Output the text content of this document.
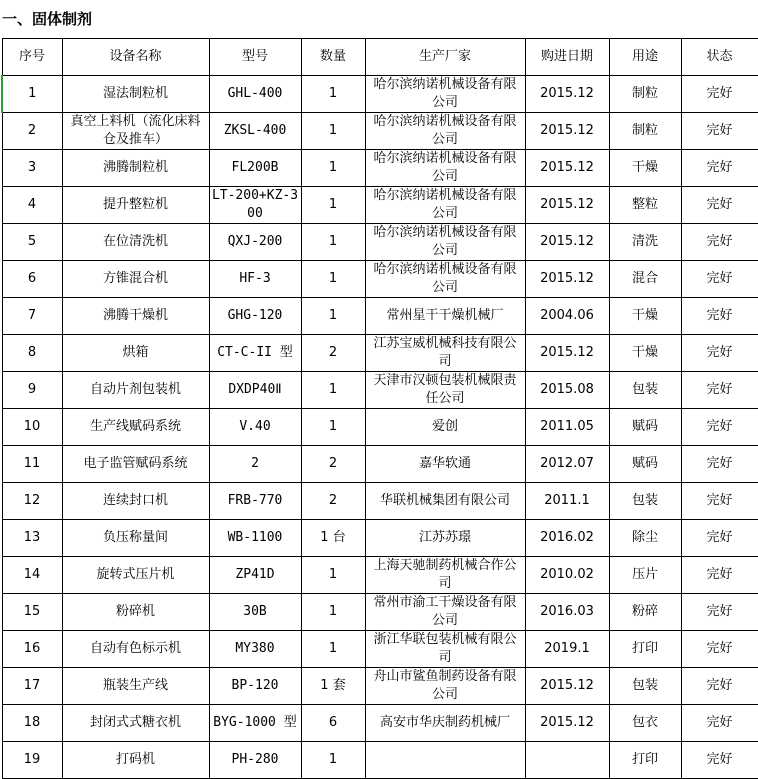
一、固体制剂
序号	设备名称	型号	数量	生产厂家	购进日期	用途	状态
1	湿法制粒机	GHL-400	1	哈尔滨纳诺机械设备有限公司	2015.12	制粒	完好
2	真空上料机（流化床料仓及推车）	ZKSL-400	1	哈尔滨纳诺机械设备有限公司	2015.12	制粒	完好
3	沸腾制粒机	FL200B	1	哈尔滨纳诺机械设备有限公司	2015.12	干燥	完好
4	提升整粒机	LT-200+KZ-300	1	哈尔滨纳诺机械设备有限公司	2015.12	整粒	完好
5	在位清洗机	QXJ-200	1	哈尔滨纳诺机械设备有限公司	2015.12	清洗	完好
6	方锥混合机	HF-3	1	哈尔滨纳诺机械设备有限公司	2015.12	混合	完好
7	沸腾干燥机	GHG-120	1	常州星干干燥机械厂	2004.06	干燥	完好
8	烘箱	CT-C-II 型	2	江苏宝威机械科技有限公司	2015.12	干燥	完好
9	自动片剂包装机	DXDP40Ⅱ	1	天津市汉顿包装机械限责任公司	2015.08	包装	完好
10	生产线赋码系统	V.40	1	爱创	2011.05	赋码	完好
11	电子监管赋码系统	2	2	嘉华软通	2012.07	赋码	完好
12	连续封口机	FRB-770	2	华联机械集团有限公司	2011.1	包装	完好
13	负压称量间	WB-1100	1 台	江苏苏璟	2016.02	除尘	完好
14	旋转式压片机	ZP41D	1	上海天驰制药机械合作公司	2010.02	压片	完好
15	粉碎机	30B	1	常州市渝工干燥设备有限公司	2016.03	粉碎	完好
16	自动有色标示机	MY380	1	浙江华联包装机械有限公司	2019.1	打印	完好
17	瓶装生产线	BP-120	1 套	舟山市鲨鱼制药设备有限公司	2015.12	包装	完好
18	封闭式式糖衣机	BYG-1000 型	6	高安市华庆制药机械厂	2015.12	包衣	完好
19	打码机	PH-280	1			打印	完好
